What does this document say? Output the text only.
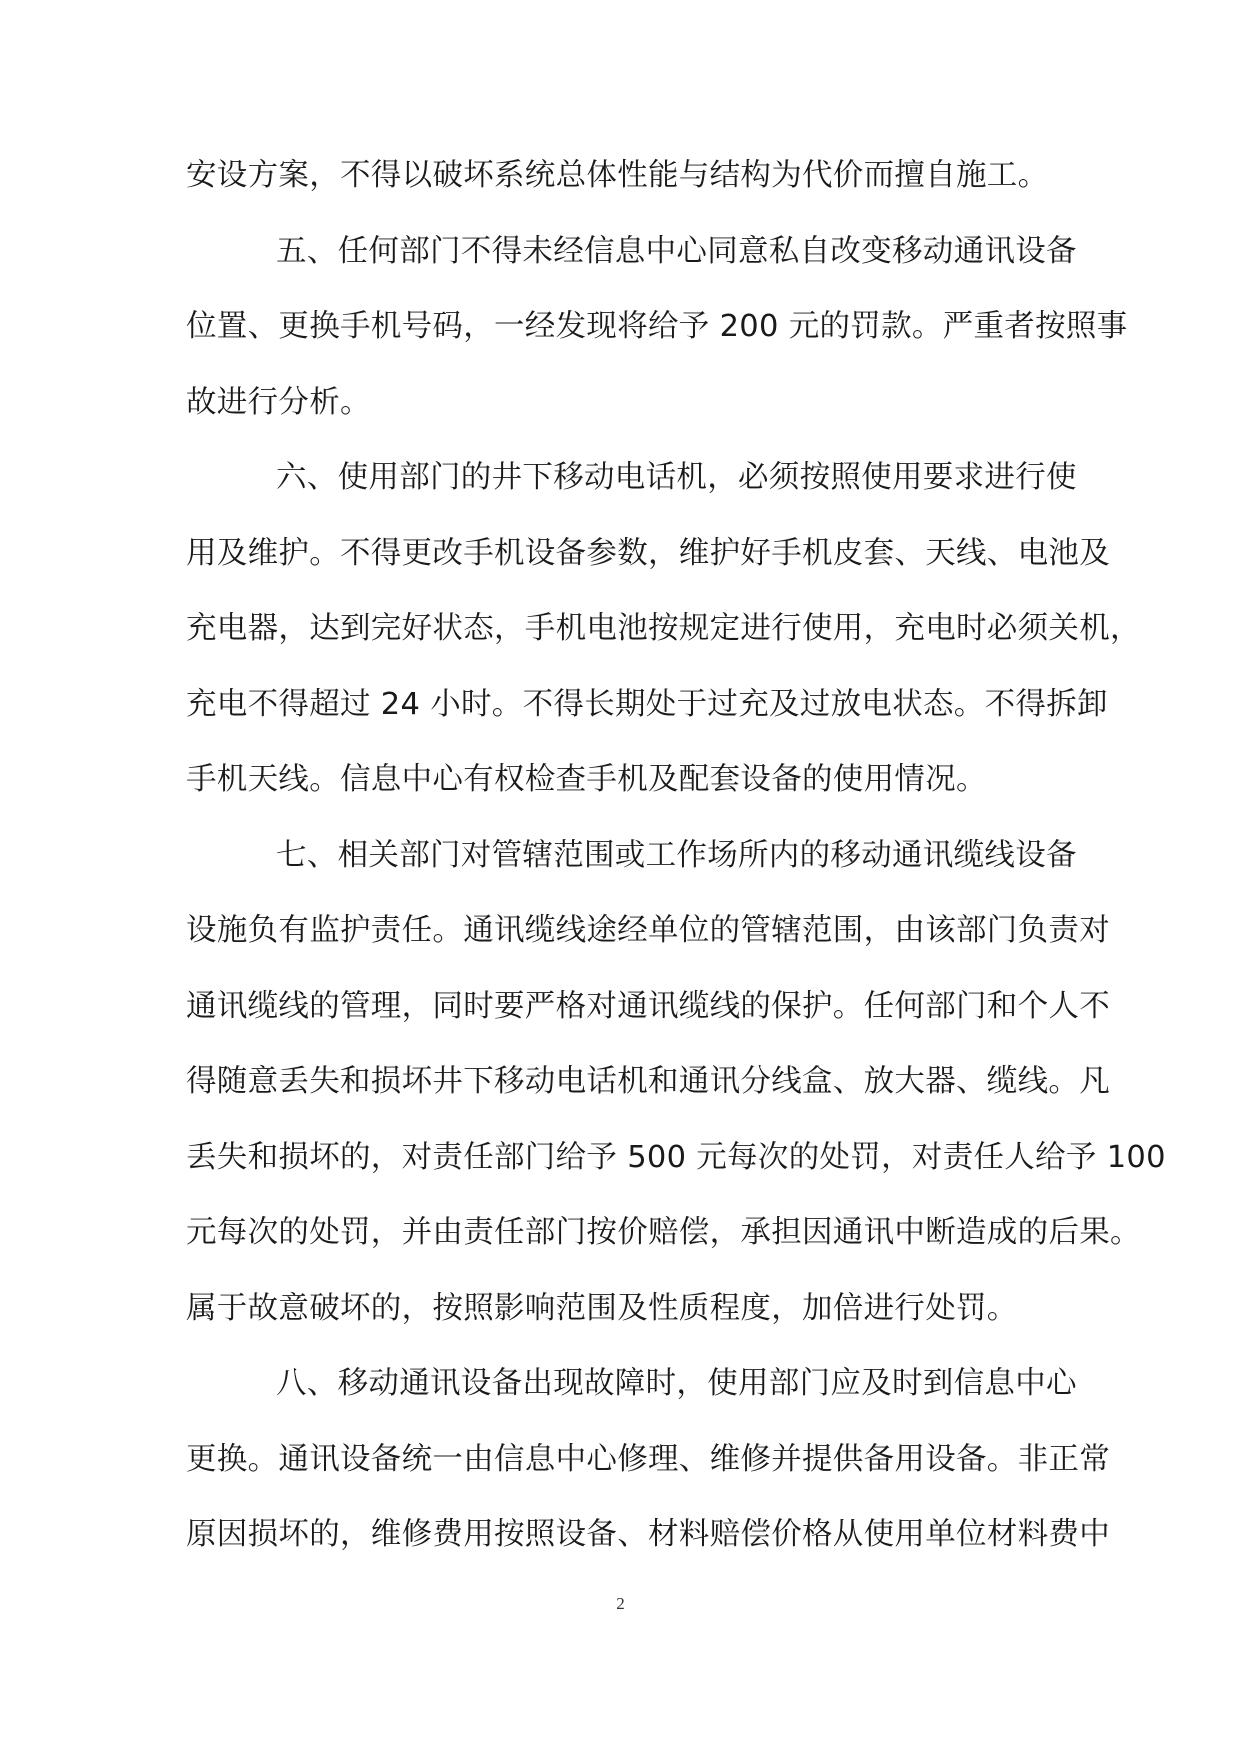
安设方案，不得以破坏系统总体性能与结构为代价而擅自施工。

五、任何部门不得未经信息中心同意私自改变移动通讯设备
位置、更换手机号码，一经发现将给予 200 元的罚款。严重者按照事
故进行分析。

六、使用部门的井下移动电话机，必须按照使用要求进行使
用及维护。不得更改手机设备参数，维护好手机皮套、天线、电池及
充电器，达到完好状态，手机电池按规定进行使用，充电时必须关机，
充电不得超过 24 小时。不得长期处于过充及过放电状态。不得拆卸
手机天线。信息中心有权检查手机及配套设备的使用情况。

七、相关部门对管辖范围或工作场所内的移动通讯缆线设备
设施负有监护责任。通讯缆线途经单位的管辖范围，由该部门负责对
通讯缆线的管理，同时要严格对通讯缆线的保护。任何部门和个人不
得随意丢失和损坏井下移动电话机和通讯分线盒、放大器、缆线。凡
丢失和损坏的，对责任部门给予 500 元每次的处罚，对责任人给予 100
元每次的处罚，并由责任部门按价赔偿，承担因通讯中断造成的后果。
属于故意破坏的，按照影响范围及性质程度，加倍进行处罚。

八、移动通讯设备出现故障时，使用部门应及时到信息中心
更换。通讯设备统一由信息中心修理、维修并提供备用设备。非正常
原因损坏的，维修费用按照设备、材料赔偿价格从使用单位材料费中

2
